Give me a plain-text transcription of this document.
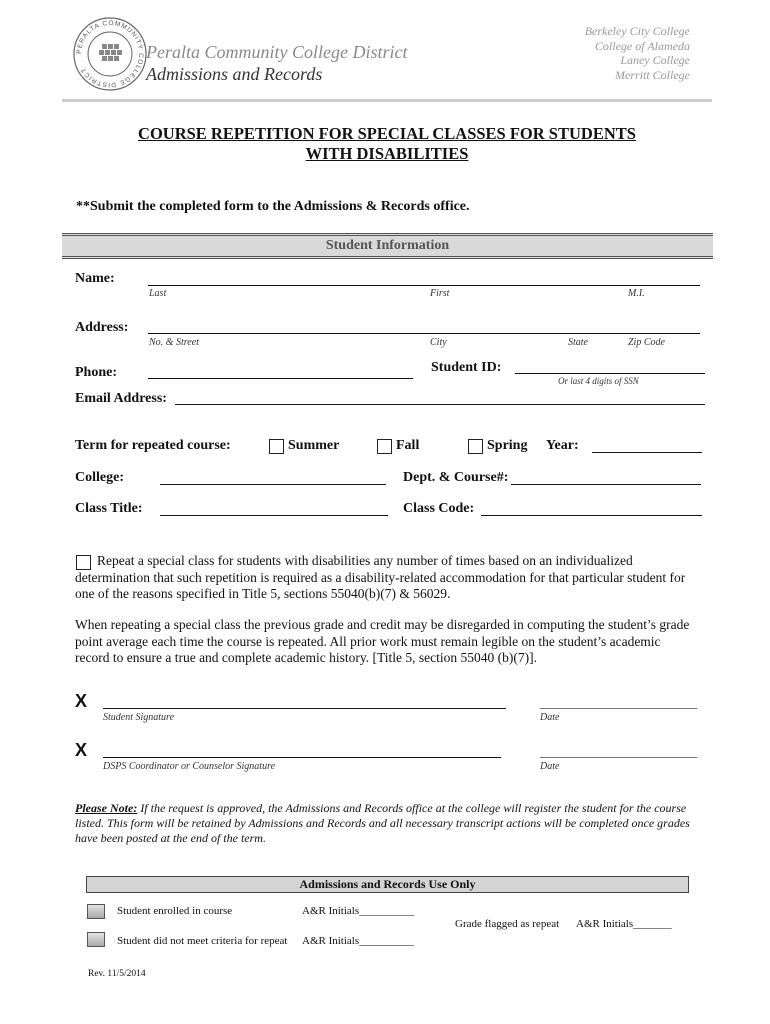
PERALTA COMMUNITY COLLEGE DISTRICT
Peralta Community College District
Admissions and Records
Berkeley City College
College of Alameda
Laney College
Merritt College
COURSE REPETITION FOR SPECIAL CLASSES FOR STUDENTS
WITH DISABILITIES
**Submit the completed form to the Admissions & Records office.
Student Information
Name:
Last	First	M.I.
Address:
No. & Street	City	State	Zip Code
Phone:	Student ID:
Or last 4 digits of SSN
Email Address:
Term for repeated course:	Summer	Fall	Spring Year:
College:	Dept. & Course#:
Class Title:	Class Code:
Repeat a special class for students with disabilities any number of times based on an individualized determination that such repetition is required as a disability-related accommodation for that particular student for one of the reasons specified in Title 5, sections 55040(b)(7) & 56029.
When repeating a special class the previous grade and credit may be disregarded in computing the student’s grade point average each time the course is repeated. All prior work must remain legible on the student’s academic record to ensure a true and complete academic history. [Title 5, section 55040 (b)(7)].
X
Student Signature	Date
X
DSPS Coordinator or Counselor Signature	Date
Please Note: If the request is approved, the Admissions and Records office at the college will register the student for the course listed. This form will be retained by Admissions and Records and all necessary transcript actions will be completed once grades have been posted at the end of the term.
Admissions and Records Use Only
Student enrolled in course	A&R Initials__________
Grade flagged as repeat A&R Initials_______
Student did not meet criteria for repeat A&R Initials__________
Rev. 11/5/2014
